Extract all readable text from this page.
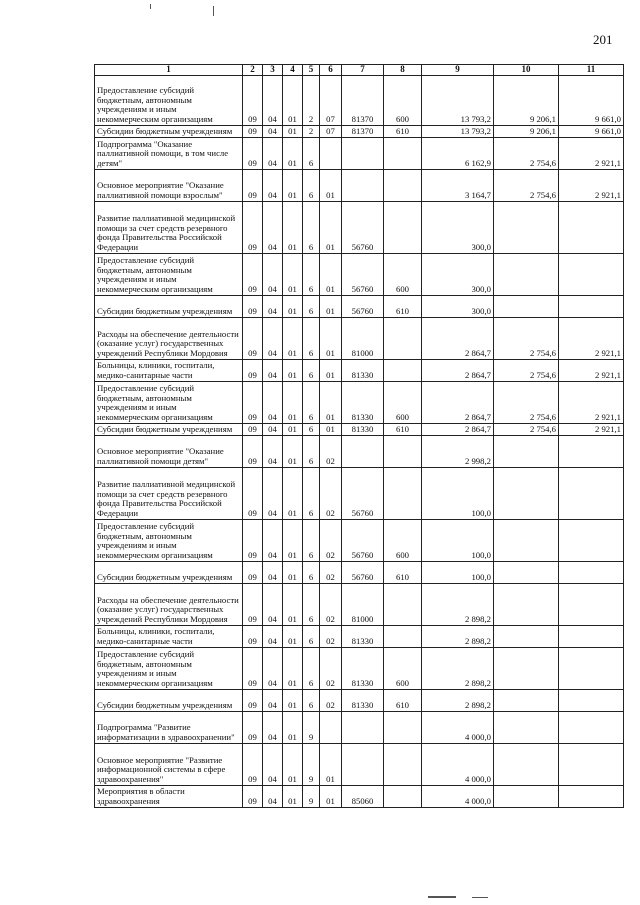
201
1	2	3	4	5	6	7	8	9	10	11
Предоставление субсидий бюджетным, автономным учреждениям и иным некоммерческим организациям	09	04	01	2	07	81370	600	13 793,2	9 206,1	9 661,0
Субсидии бюджетным учреждениям	09	04	01	2	07	81370	610	13 793,2	9 206,1	9 661,0
Подпрограмма "Оказание паллиативной помощи, в том числе детям"	09	04	01	6				6 162,9	2 754,6	2 921,1
Основное мероприятие "Оказание паллиативной помощи взрослым"	09	04	01	6	01			3 164,7	2 754,6	2 921,1
Развитие паллиативной медицинской помощи за счет средств резервного фонда Правительства Российской Федерации	09	04	01	6	01	56760		300,0		
Предоставление субсидий бюджетным, автономным учреждениям и иным некоммерческим организациям	09	04	01	6	01	56760	600	300,0		
Субсидии бюджетным учреждениям	09	04	01	6	01	56760	610	300,0		
Расходы на обеспечение деятельности (оказание услуг) государственных учреждений Республики Мордовия	09	04	01	6	01	81000		2 864,7	2 754,6	2 921,1
Больницы, клиники, госпитали, медико-санитарные части	09	04	01	6	01	81330		2 864,7	2 754,6	2 921,1
Предоставление субсидий бюджетным, автономным учреждениям и иным некоммерческим организациям	09	04	01	6	01	81330	600	2 864,7	2 754,6	2 921,1
Субсидии бюджетным учреждениям	09	04	01	6	01	81330	610	2 864,7	2 754,6	2 921,1
Основное мероприятие "Оказание паллиативной помощи детям"	09	04	01	6	02			2 998,2		
Развитие паллиативной медицинской помощи за счет средств резервного фонда Правительства Российской Федерации	09	04	01	6	02	56760		100,0		
Предоставление субсидий бюджетным, автономным учреждениям и иным некоммерческим организациям	09	04	01	6	02	56760	600	100,0		
Субсидии бюджетным учреждениям	09	04	01	6	02	56760	610	100,0		
Расходы на обеспечение деятельности (оказание услуг) государственных учреждений Республики Мордовия	09	04	01	6	02	81000		2 898,2		
Больницы, клиники, госпитали, медико-санитарные части	09	04	01	6	02	81330		2 898,2		
Предоставление субсидий бюджетным, автономным учреждениям и иным некоммерческим организациям	09	04	01	6	02	81330	600	2 898,2		
Субсидии бюджетным учреждениям	09	04	01	6	02	81330	610	2 898,2		
Подпрограмма "Развитие информатизации в здравоохранении"	09	04	01	9				4 000,0		
Основное мероприятие "Развитие информационной системы в сфере здравоохранения"	09	04	01	9	01			4 000,0		
Мероприятия в области здравоохранения	09	04	01	9	01	85060		4 000,0		
